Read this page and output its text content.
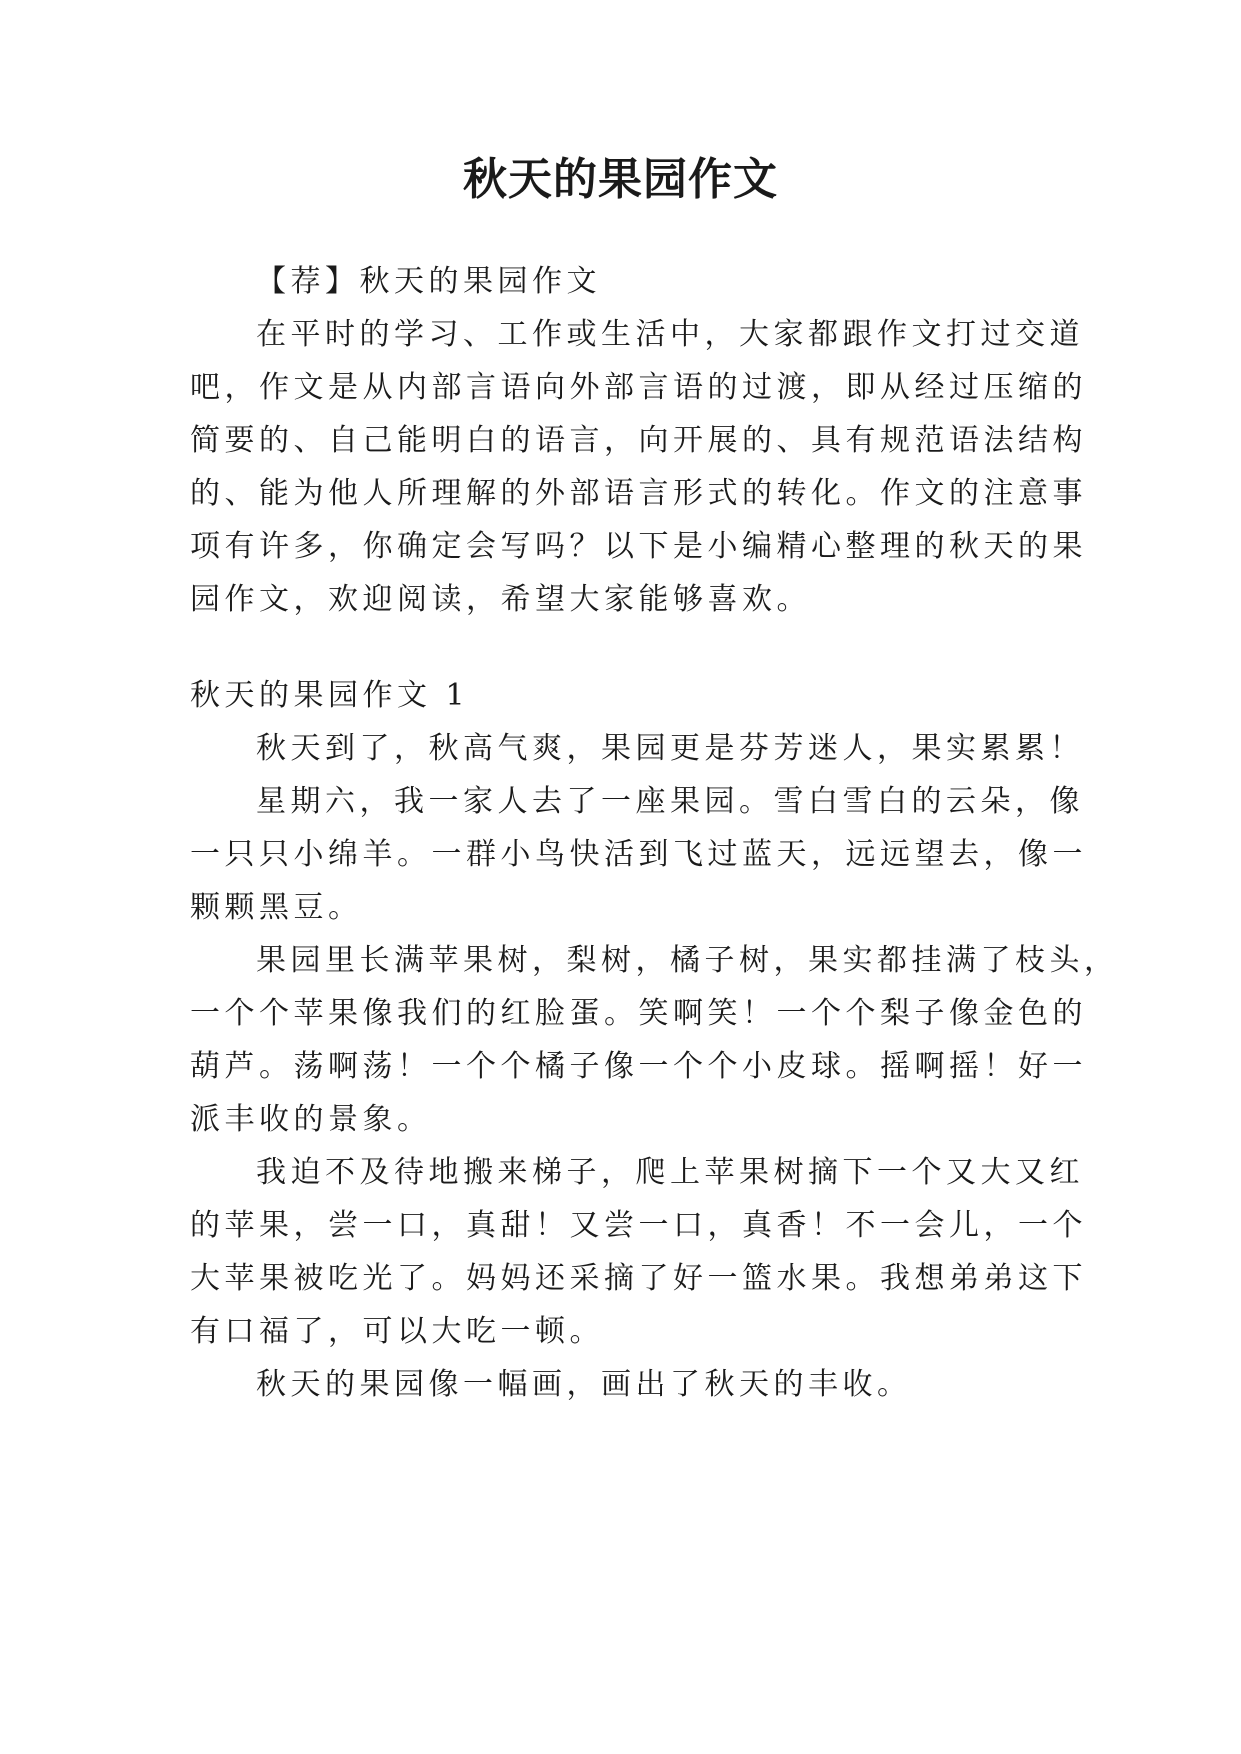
秋天的果园作文
【荐】秋天的果园作文
在平时的学习、工作或生活中，大家都跟作文打过交道
吧，作文是从内部言语向外部言语的过渡，即从经过压缩的
简要的、自己能明白的语言，向开展的、具有规范语法结构
的、能为他人所理解的外部语言形式的转化。作文的注意事
项有许多，你确定会写吗？以下是小编精心整理的秋天的果
园作文，欢迎阅读，希望大家能够喜欢。
秋天的果园作文 1
秋天到了，秋高气爽，果园更是芬芳迷人，果实累累！
星期六，我一家人去了一座果园。雪白雪白的云朵，像
一只只小绵羊。一群小鸟快活到飞过蓝天，远远望去，像一
颗颗黑豆。
果园里长满苹果树，梨树，橘子树，果实都挂满了枝头，
一个个苹果像我们的红脸蛋。笑啊笑！一个个梨子像金色的
葫芦。荡啊荡！一个个橘子像一个个小皮球。摇啊摇！好一
派丰收的景象。
我迫不及待地搬来梯子，爬上苹果树摘下一个又大又红
的苹果，尝一口，真甜！又尝一口，真香！不一会儿，一个
大苹果被吃光了。妈妈还采摘了好一篮水果。我想弟弟这下
有口福了，可以大吃一顿。
秋天的果园像一幅画，画出了秋天的丰收。
